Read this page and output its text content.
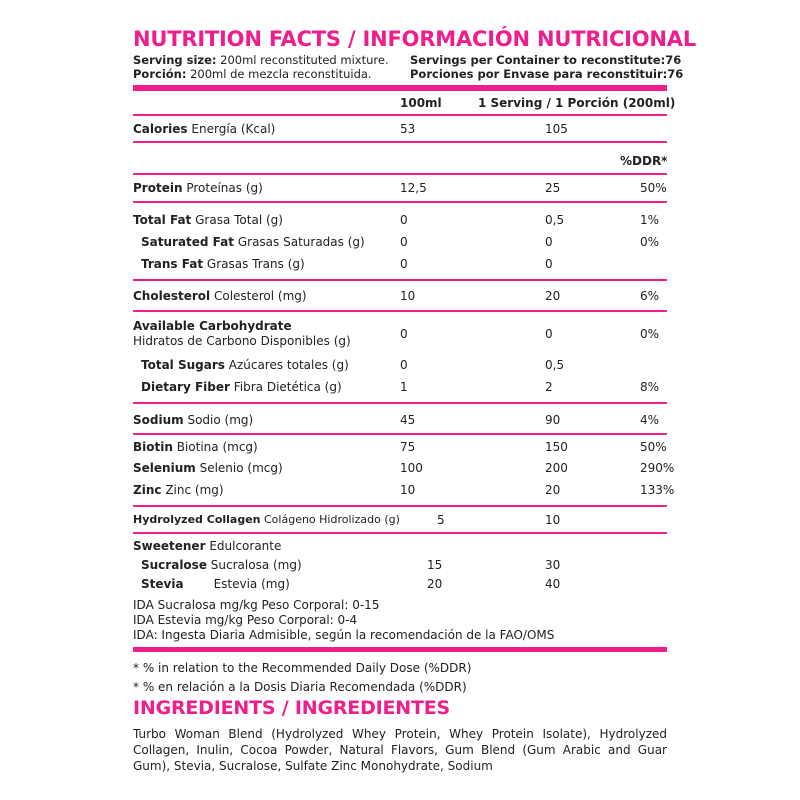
NUTRITION FACTS / INFORMACIÓN NUTRICIONAL
Serving size: 200ml reconstituted mixture. Servings per Container to reconstitute:76
Porción: 200ml de mezcla reconstituida.	Porciones por Envase para reconstituir:76
100ml	1 Serving / 1 Porción (200ml)
Calories Energía (Kcal)	53	105
%DDR*
Protein Proteínas (g)	12,5	25	50%
Total Fat Grasa Total (g)	0	0,5	1%
Saturated Fat Grasas Saturadas (g)	0	0	0%
Trans Fat Grasas Trans (g)	0	0
Cholesterol Colesterol (mg)	10	20	6%
Available Carbohydrate
Hidratos de Carbono Disponibles (g)	0	0	0%
Total Sugars Azúcares totales (g)	0	0,5
Dietary Fiber Fibra Dietética (g)	1	2	8%
Sodium Sodio (mg)	45	90	4%
Biotin Biotina (mcg)	75	150	50%
Selenium Selenio (mcg)	100	200	290%
Zinc Zinc (mg)	10	20	133%
Hydrolyzed Collagen Colágeno Hidrolizado (g)	5	10
Sweetener Edulcorante
Sucralose Sucralosa (mg)	15	30
Stevia	Estevia (mg)	20	40
IDA Sucralosa mg/kg Peso Corporal: 0-15
IDA Estevia mg/kg Peso Corporal: 0-4
IDA: Ingesta Diaria Admisible, según la recomendación de la FAO/OMS
* % in relation to the Recommended Daily Dose (%DDR)
* % en relación a la Dosis Diaria Recomendada (%DDR)
INGREDIENTS / INGREDIENTES
Turbo Woman Blend (Hydrolyzed Whey Protein, Whey Protein Isolate), Hydrolyzed Collagen, Inulin, Cocoa Powder, Natural Flavors, Gum Blend (Gum Arabic and Guar Gum), Stevia, Sucralose, Sulfate Zinc Monohydrate, Sodium
